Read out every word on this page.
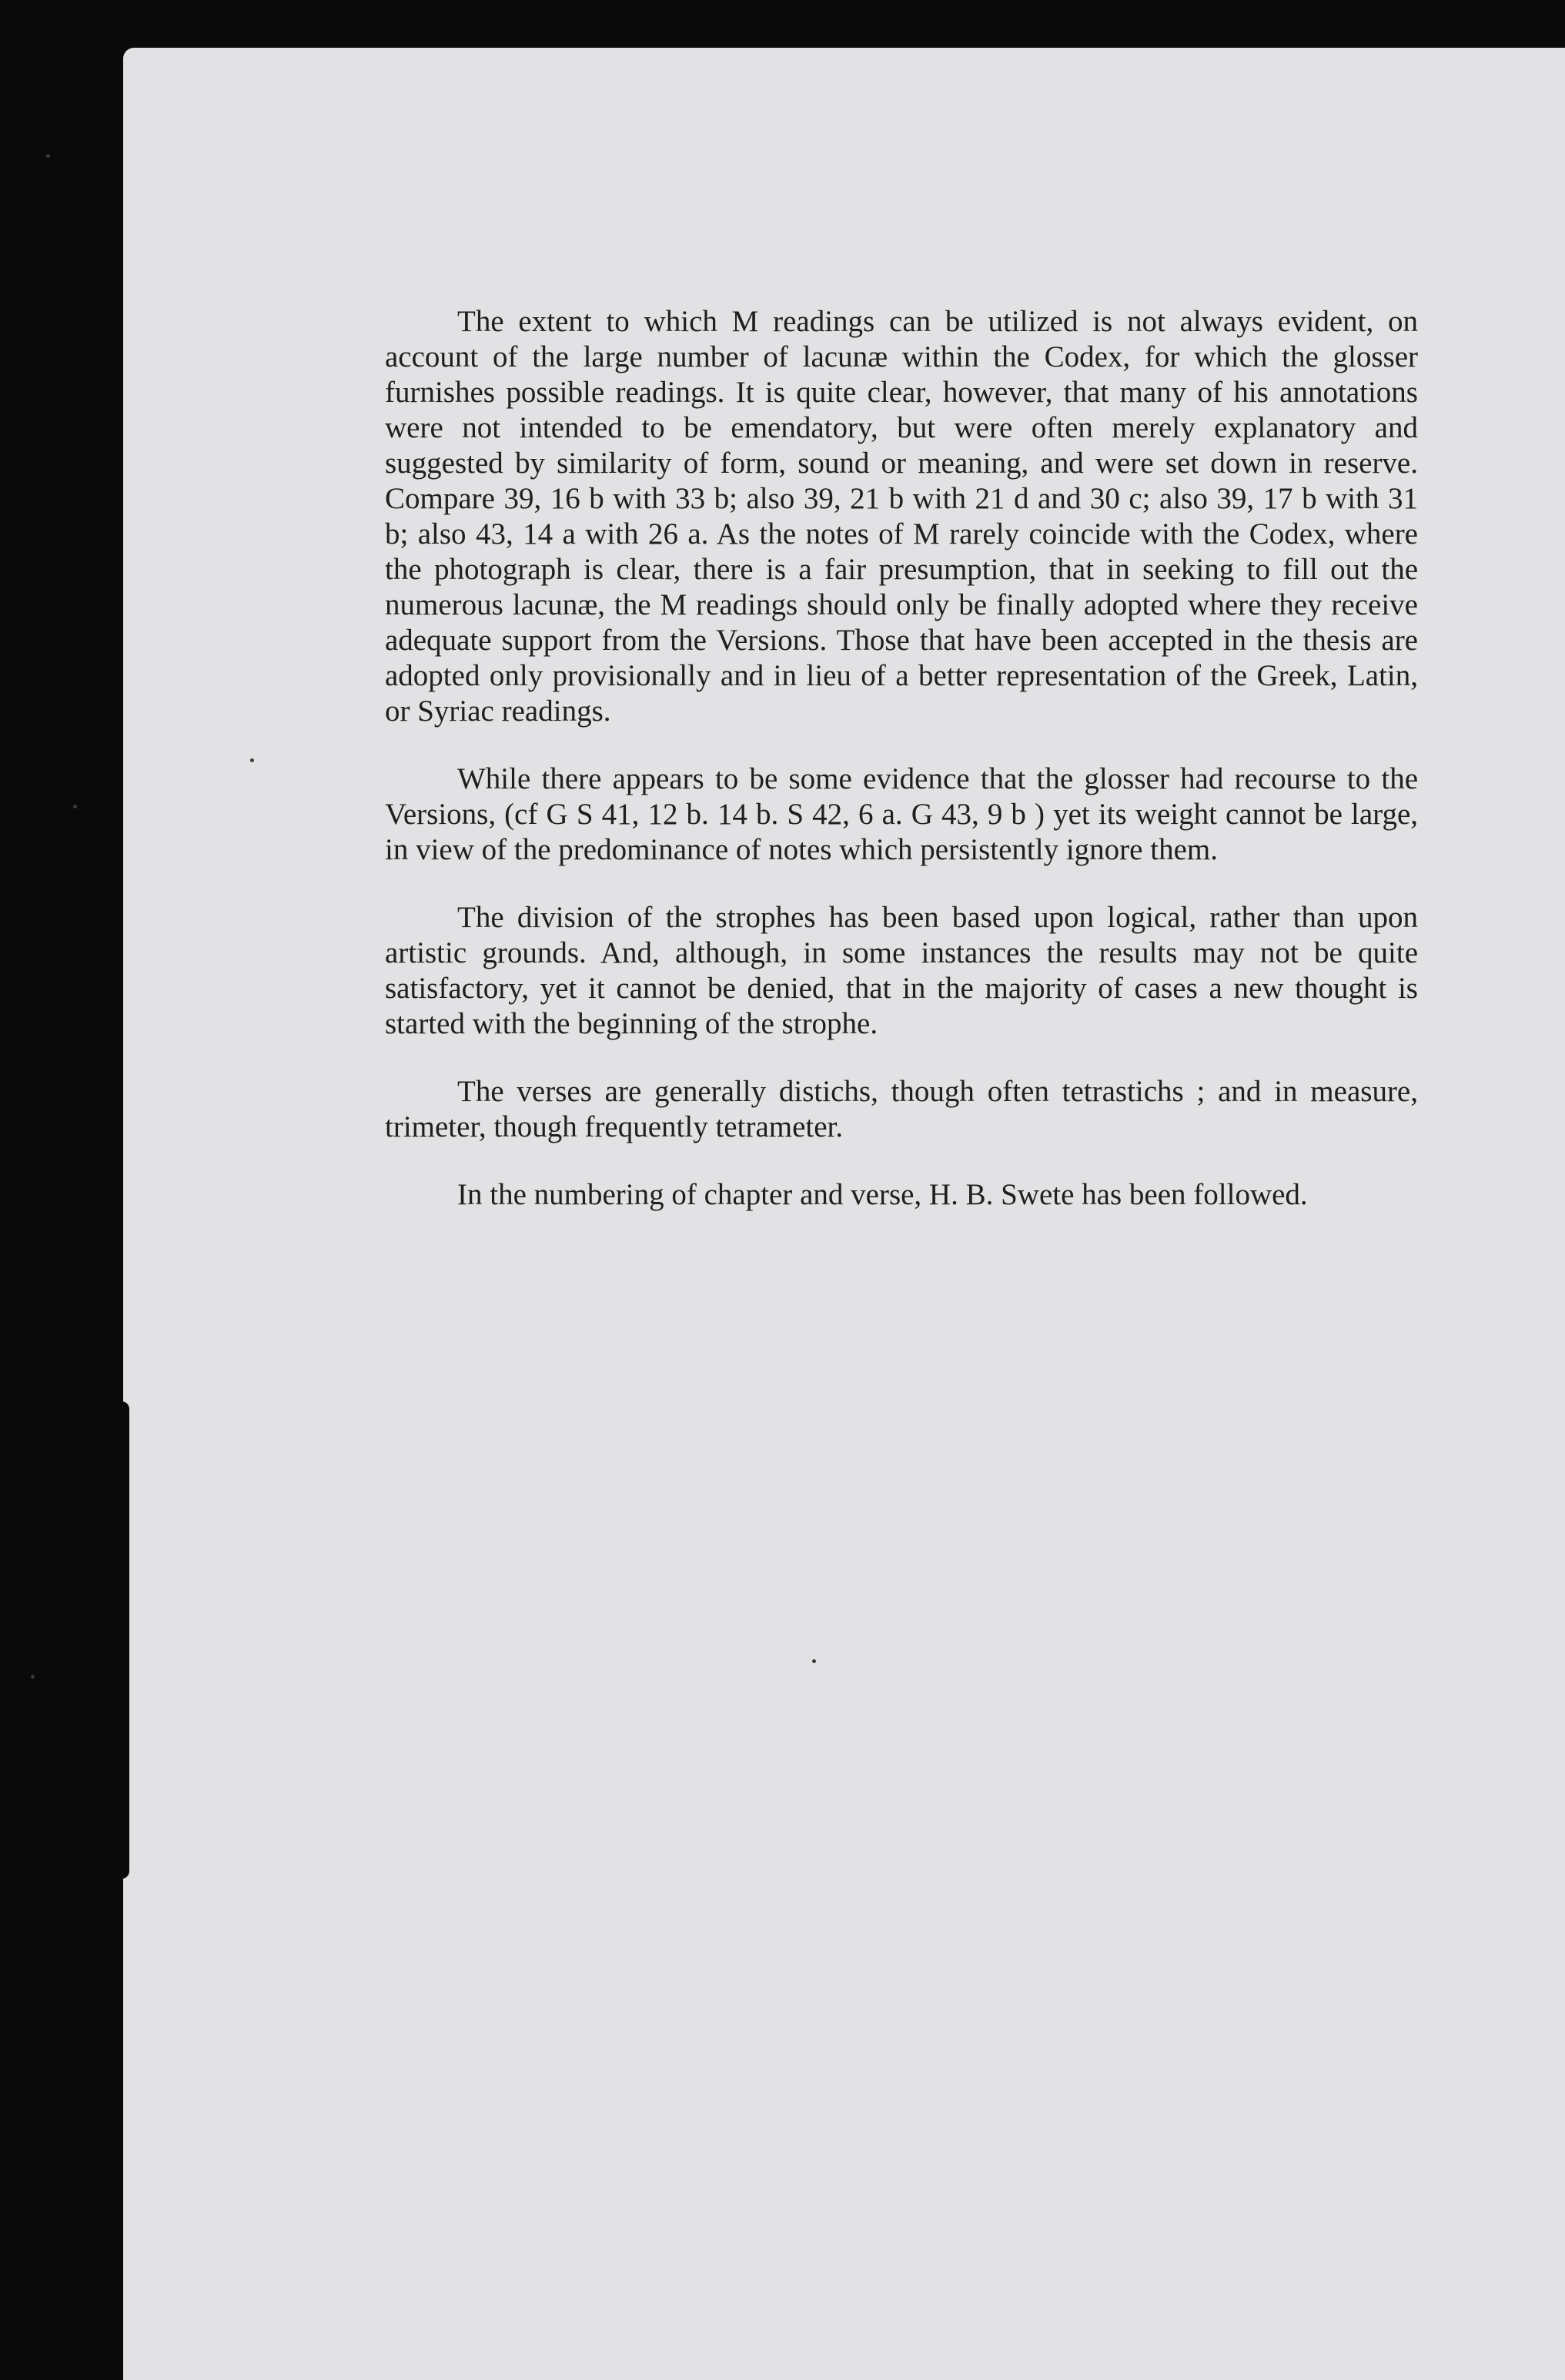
The extent to which M readings can be utilized is not always evident, on account of the large number of lacunæ within the Codex, for which the glosser furnishes possible readings. It is quite clear, however, that many of his annotations were not intended to be emendatory, but were often merely explanatory and suggested by similarity of form, sound or meaning, and were set down in reserve. Compare 39, 16 b with 33 b; also 39, 21 b with 21 d and 30 c; also 39, 17 b with 31 b; also 43, 14 a with 26 a. As the notes of M rarely coincide with the Codex, where the photograph is clear, there is a fair presumption, that in seeking to fill out the numerous lacunæ, the M readings should only be finally adopted where they receive adequate support from the Versions. Those that have been accepted in the thesis are adopted only provisionally and in lieu of a better representation of the Greek, Latin, or Syriac readings.

While there appears to be some evidence that the glosser had recourse to the Versions, (cf G S 41, 12 b. 14 b. S 42, 6 a. G 43, 9 b ) yet its weight cannot be large, in view of the predominance of notes which persistently ignore them.

The division of the strophes has been based upon logical, rather than upon artistic grounds. And, although, in some instances the results may not be quite satisfactory, yet it cannot be denied, that in the majority of cases a new thought is started with the beginning of the strophe.

The verses are generally distichs, though often tetrastichs ; and in measure, trimeter, though frequently tetrameter.

In the numbering of chapter and verse, H. B. Swete has been followed.
